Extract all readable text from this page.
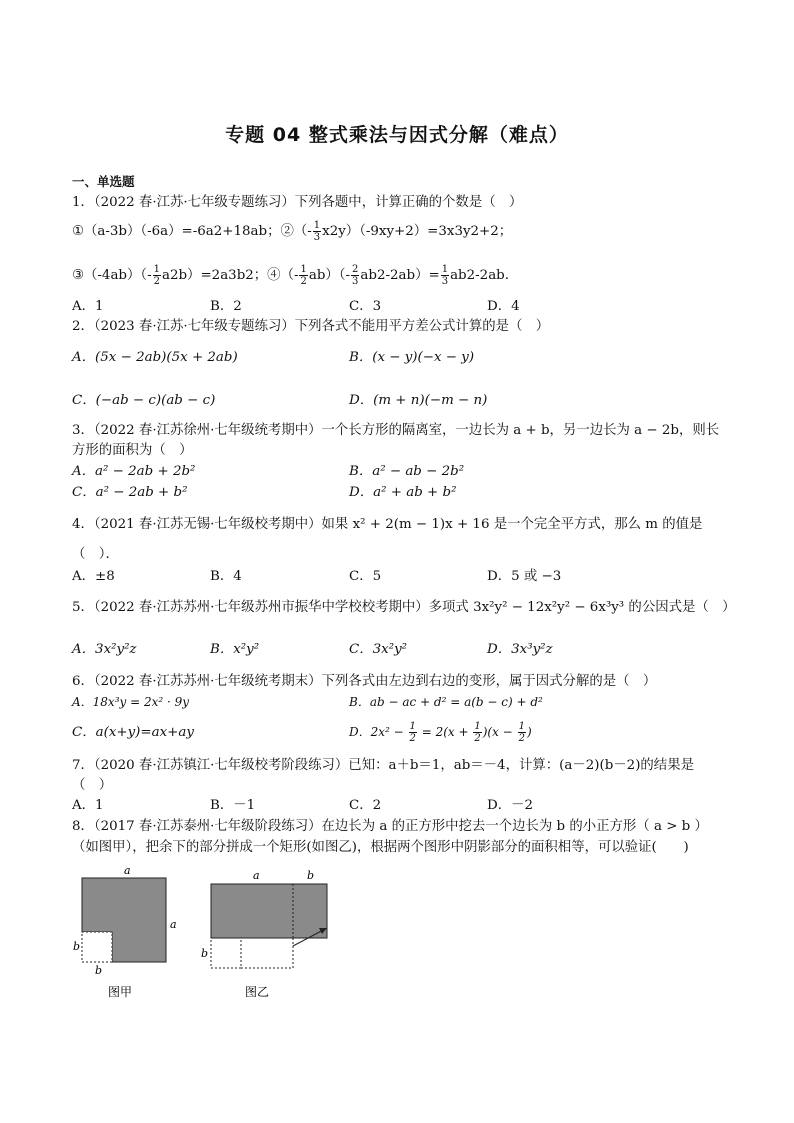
专题 04 整式乘法与因式分解（难点）
一、单选题
1．（2022 春·江苏·七年级专题练习）下列各题中，计算正确的个数是（　）
①（a-3b）（-6a）=-6a2+18ab；②（- $\frac{1}{3} x2y)(-9xy+2)=3x3y2+2$；
③（-4ab）（- $\frac{1}{2} a2b)=2a3b2$；④（- $\frac{1}{2} ab)(- \frac{2}{3} ab2-2ab)= \frac{1}{3} ab2-2ab$．
A．1	B．2	C．3	D．4
2．（2023 春·江苏·七年级专题练习）下列各式不能用平方差公式计算的是（　）
A．(5x − 2ab)(5x + 2ab)	B．(x − y)(−x − y)
C．(−ab − c)(ab − c)	D．(m + n)(−m − n)
3．（2022 春·江苏徐州·七年级统考期中）一个长方形的隔离室，一边长为 a + b，另一边长为 a − 2b，则长
方形的面积为（　）
A．a² − 2ab + 2b²	B．a² − ab − 2b²
C．a² − 2ab + b²	D．a² + ab + b²
4．（2021 春·江苏无锡·七年级校考期中）如果 x² + 2(m − 1)x + 16 是一个完全平方式，那么 m 的值是
（　）．
A．±8	B．4	C．5	D．5 或 −3
5．（2022 春·江苏苏州·七年级苏州市振华中学校校考期中）多项式 3x²y² − 12x²y² − 6x³y³ 的公因式是（　）
A．3x²y²z	B．x²y²	C．3x²y²	D．3x³y²z
6．（2022 春·江苏苏州·七年级统考期末）下列各式由左边到右边的变形，属于因式分解的是（　）
A．18x³y = 2x² · 9y	B．ab − ac + d² = a(b − c) + d²
C．a(x+y)=ax+ay	D．$2x^2 - \frac{1}{2} = 2(x + \frac{1}{2} )(x - \frac{1}{2}$ )
7．（2020 春·江苏镇江·七年级校考阶段练习）已知：a＋b＝1，ab＝－4，计算：(a－2)(b－2)的结果是
（　）
A．1	B．－1	C．2	D．－2
8．（2017 春·江苏泰州·七年级阶段练习）在边长为 a 的正方形中挖去一个边长为 b 的小正方形（ a > b ）
（如图甲），把余下的部分拼成一个矩形(如图乙)，根据两个图形中阴影部分的面积相等，可以验证(　　)
a
a
b
b
图甲
a	b
b
图乙
